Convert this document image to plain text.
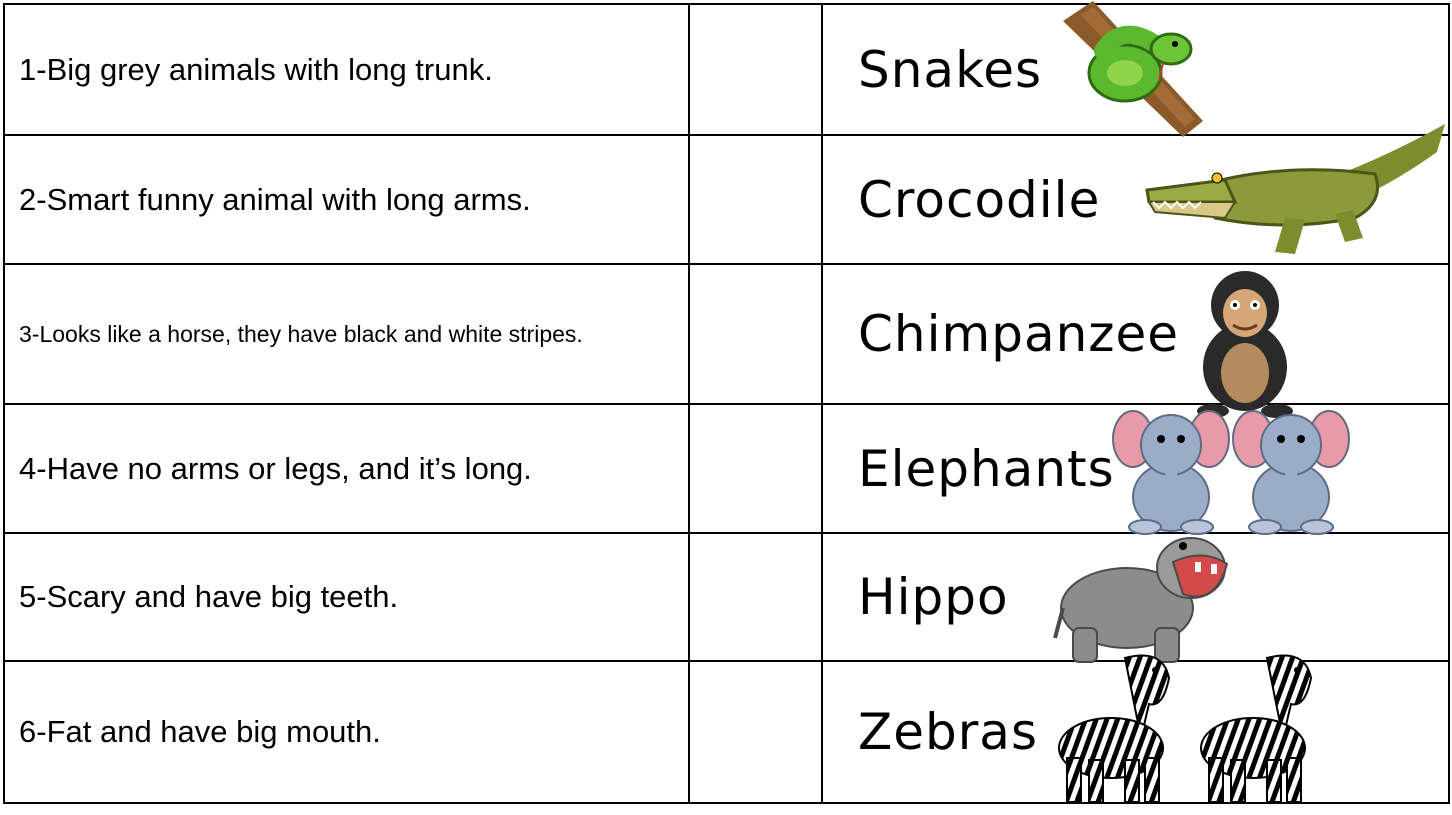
1-Big grey animals with long trunk.		Snakes

2-Smart funny animal with long arms.		Crocodile

3-Looks like a horse, they have black and white stripes.		Chimpanzee

4-Have no arms or legs, and it’s long.		Elephants

5-Scary and have big teeth.		Hippo

6-Fat and have big mouth.		Zebras
